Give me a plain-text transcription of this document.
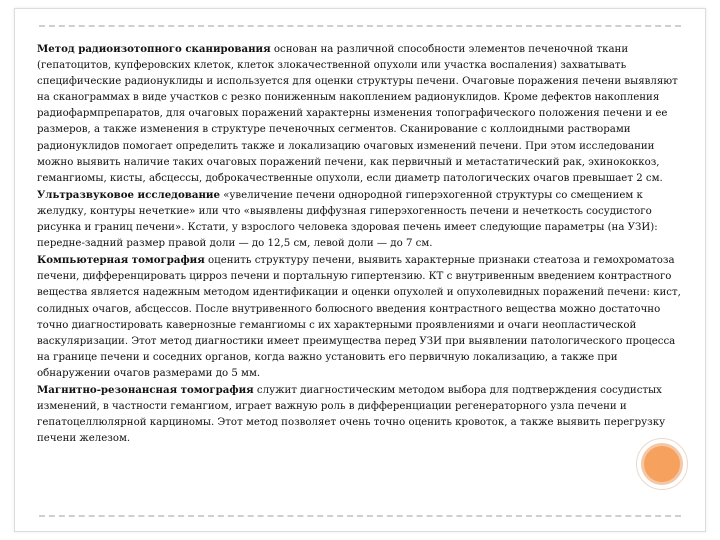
Метод радиоизотопного сканирования основан на различной способности элементов печеночной ткани (гепатоцитов, купферовских клеток, клеток злокачественной опухоли или участка воспаления) захватывать специфические радионуклиды и используется для оценки структуры печени. Очаговые поражения печени выявляют на сканограммах в виде участков с резко пониженным накоплением радионуклидов. Кроме дефектов накопления радиофармпрепаратов, для очаговых поражений характерны изменения топографического положения печени и ее размеров, а также изменения в структуре печеночных сегментов. Сканирование с коллоидными растворами радионуклидов помогает определить также и локализацию очаговых изменений печени. При этом исследовании можно выявить наличие таких очаговых поражений печени, как первичный и метастатический рак, эхинококкоз, гемангиомы, кисты, абсцессы, доброкачественные опухоли, если диаметр патологических очагов превышает 2 см.

Ультразвуковое исследование «увеличение печени однородной гиперэхогенной структуры со смещением к желудку, контуры нечеткие» или что «выявлены диффузная гиперэхогенность печени и нечеткость сосудистого рисунка и границ печени». Кстати, у взрослого человека здоровая печень имеет следующие параметры (на УЗИ): передне-задний размер правой доли — до 12,5 см, левой доли — до 7 см.

Компьютерная томография оценить структуру печени, выявить характерные признаки стеатоза и гемохроматоза печени, дифференцировать цирроз печени и портальную гипертензию. КТ с внутривенным введением контрастного вещества является надежным методом идентификации и оценки опухолей и опухолевидных поражений печени: кист, солидных очагов, абсцессов. После внутривенного болюсного введения контрастного вещества можно достаточно точно диагностировать кавернозные гемангиомы с их характерными проявлениями и очаги неопластической васкуляризации. Этот метод диагностики имеет преимущества перед УЗИ при выявлении патологического процесса на границе печени и соседних органов, когда важно установить его первичную локализацию, а также при обнаружении очагов размерами до 5 мм.

Магнитно-резонансная томография служит диагностическим методом выбора для подтверждения сосудистых изменений, в частности гемангиом, играет важную роль в дифференциации регенераторного узла печени и гепатоцеллюлярной карциномы. Этот метод позволяет очень точно оценить кровоток, а также выявить перегрузку печени железом.
